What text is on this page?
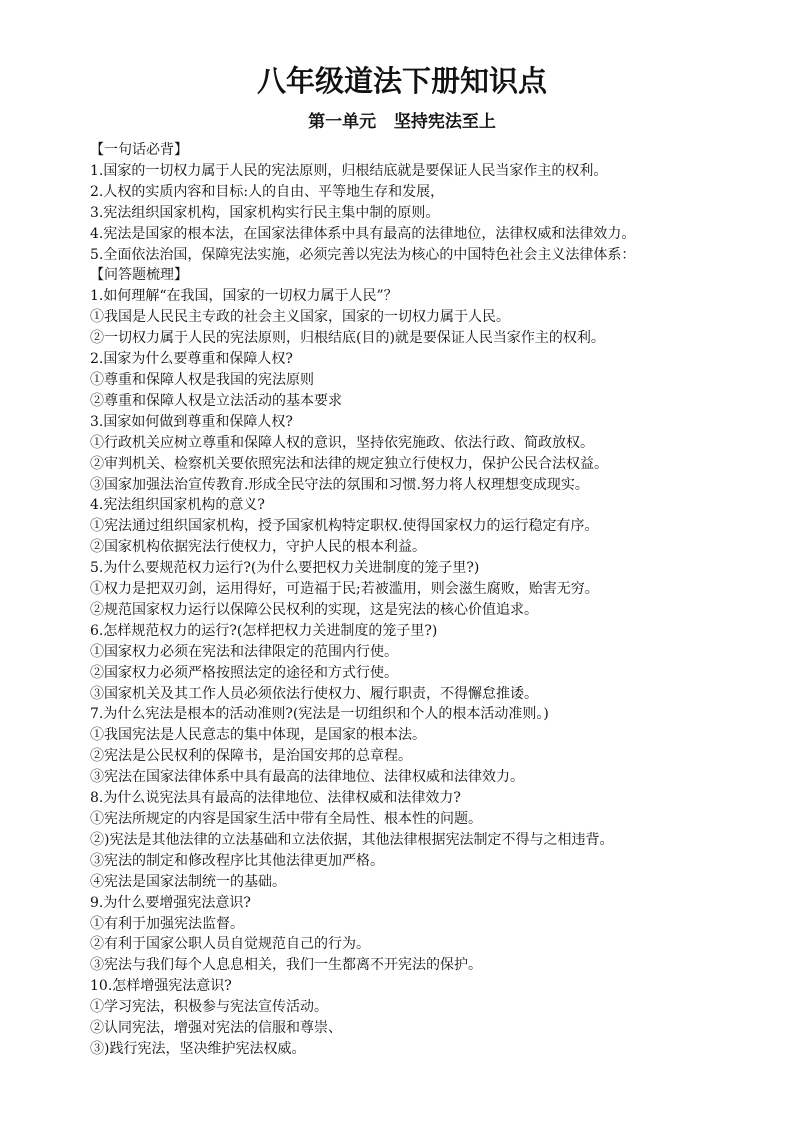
八年级道法下册知识点
第一单元   坚持宪法至上

【一句话必背】

1.国家的一切权力属于人民的宪法原则，归根结底就是要保证人民当家作主的权利。

2.人权的实质内容和目标:人的自由、平等地生存和发展，

3.宪法组织国家机构，国家机构实行民主集中制的原则。

4.宪法是国家的根本法，在国家法律体系中具有最高的法律地位，法律权威和法律效力。

5.全面依法治国，保障宪法实施，必须完善以宪法为核心的中国特色社会主义法律体系：

【问答题梳理】

1.如何理解“在我国，国家的一切权力属于人民”？

①我国是人民民主专政的社会主义国家，国家的一切权力属于人民。

②一切权力属于人民的宪法原则，归根结底(目的)就是要保证人民当家作主的权利。

2.国家为什么要尊重和保障人权?

①尊重和保障人权是我国的宪法原则

②尊重和保障人权是立法活动的基本要求

3.国家如何做到尊重和保障人权?

①行政机关应树立尊重和保障人权的意识，坚持依宪施政、依法行政、简政放权。

②审判机关、检察机关要依照宪法和法律的规定独立行使权力，保护公民合法权益。

③国家加强法治宣传教育.形成全民守法的氛围和习惯.努力将人权理想变成现实。

4.宪法组织国家机构的意义?

①宪法通过组织国家机构，授予国家机构特定职权.使得国家权力的运行稳定有序。

②国家机构依据宪法行使权力，守护人民的根本利益。

5.为什么要规范权力运行?(为什么要把权力关进制度的笼子里?)

①权力是把双刃剑，运用得好，可造福于民;若被滥用，则会滋生腐败，贻害无穷。

②规范国家权力运行以保障公民权利的实现，这是宪法的核心价值追求。

6.怎样规范权力的运行?(怎样把权力关进制度的笼子里?)

①国家权力必须在宪法和法律限定的范围内行使。

②国家权力必须严格按照法定的途径和方式行使。

③国家机关及其工作人员必须依法行使权力、履行职责，不得懈怠推诿。

7.为什么宪法是根本的活动准则?(宪法是一切组织和个人的根本活动准则。)

①我国宪法是人民意志的集中体现，是国家的根本法。

②宪法是公民权利的保障书，是治国安邦的总章程。

③宪法在国家法律体系中具有最高的法律地位、法律权威和法律效力。

8.为什么说宪法具有最高的法律地位、法律权威和法律效力?

①宪法所规定的内容是国家生活中带有全局性、根本性的问题。

②)宪法是其他法律的立法基础和立法依据，其他法律根据宪法制定不得与之相违背。

③宪法的制定和修改程序比其他法律更加严格。

④宪法是国家法制统一的基础。

9.为什么要增强宪法意识?

①有利于加强宪法监督。

②有利于国家公职人员自觉规范自己的行为。

③宪法与我们每个人息息相关，我们一生都离不开宪法的保护。

10.怎样增强宪法意识?

①学习宪法，积极参与宪法宣传活动。

②认同宪法，增强对宪法的信服和尊崇、

③)践行宪法，坚决维护宪法权威。
